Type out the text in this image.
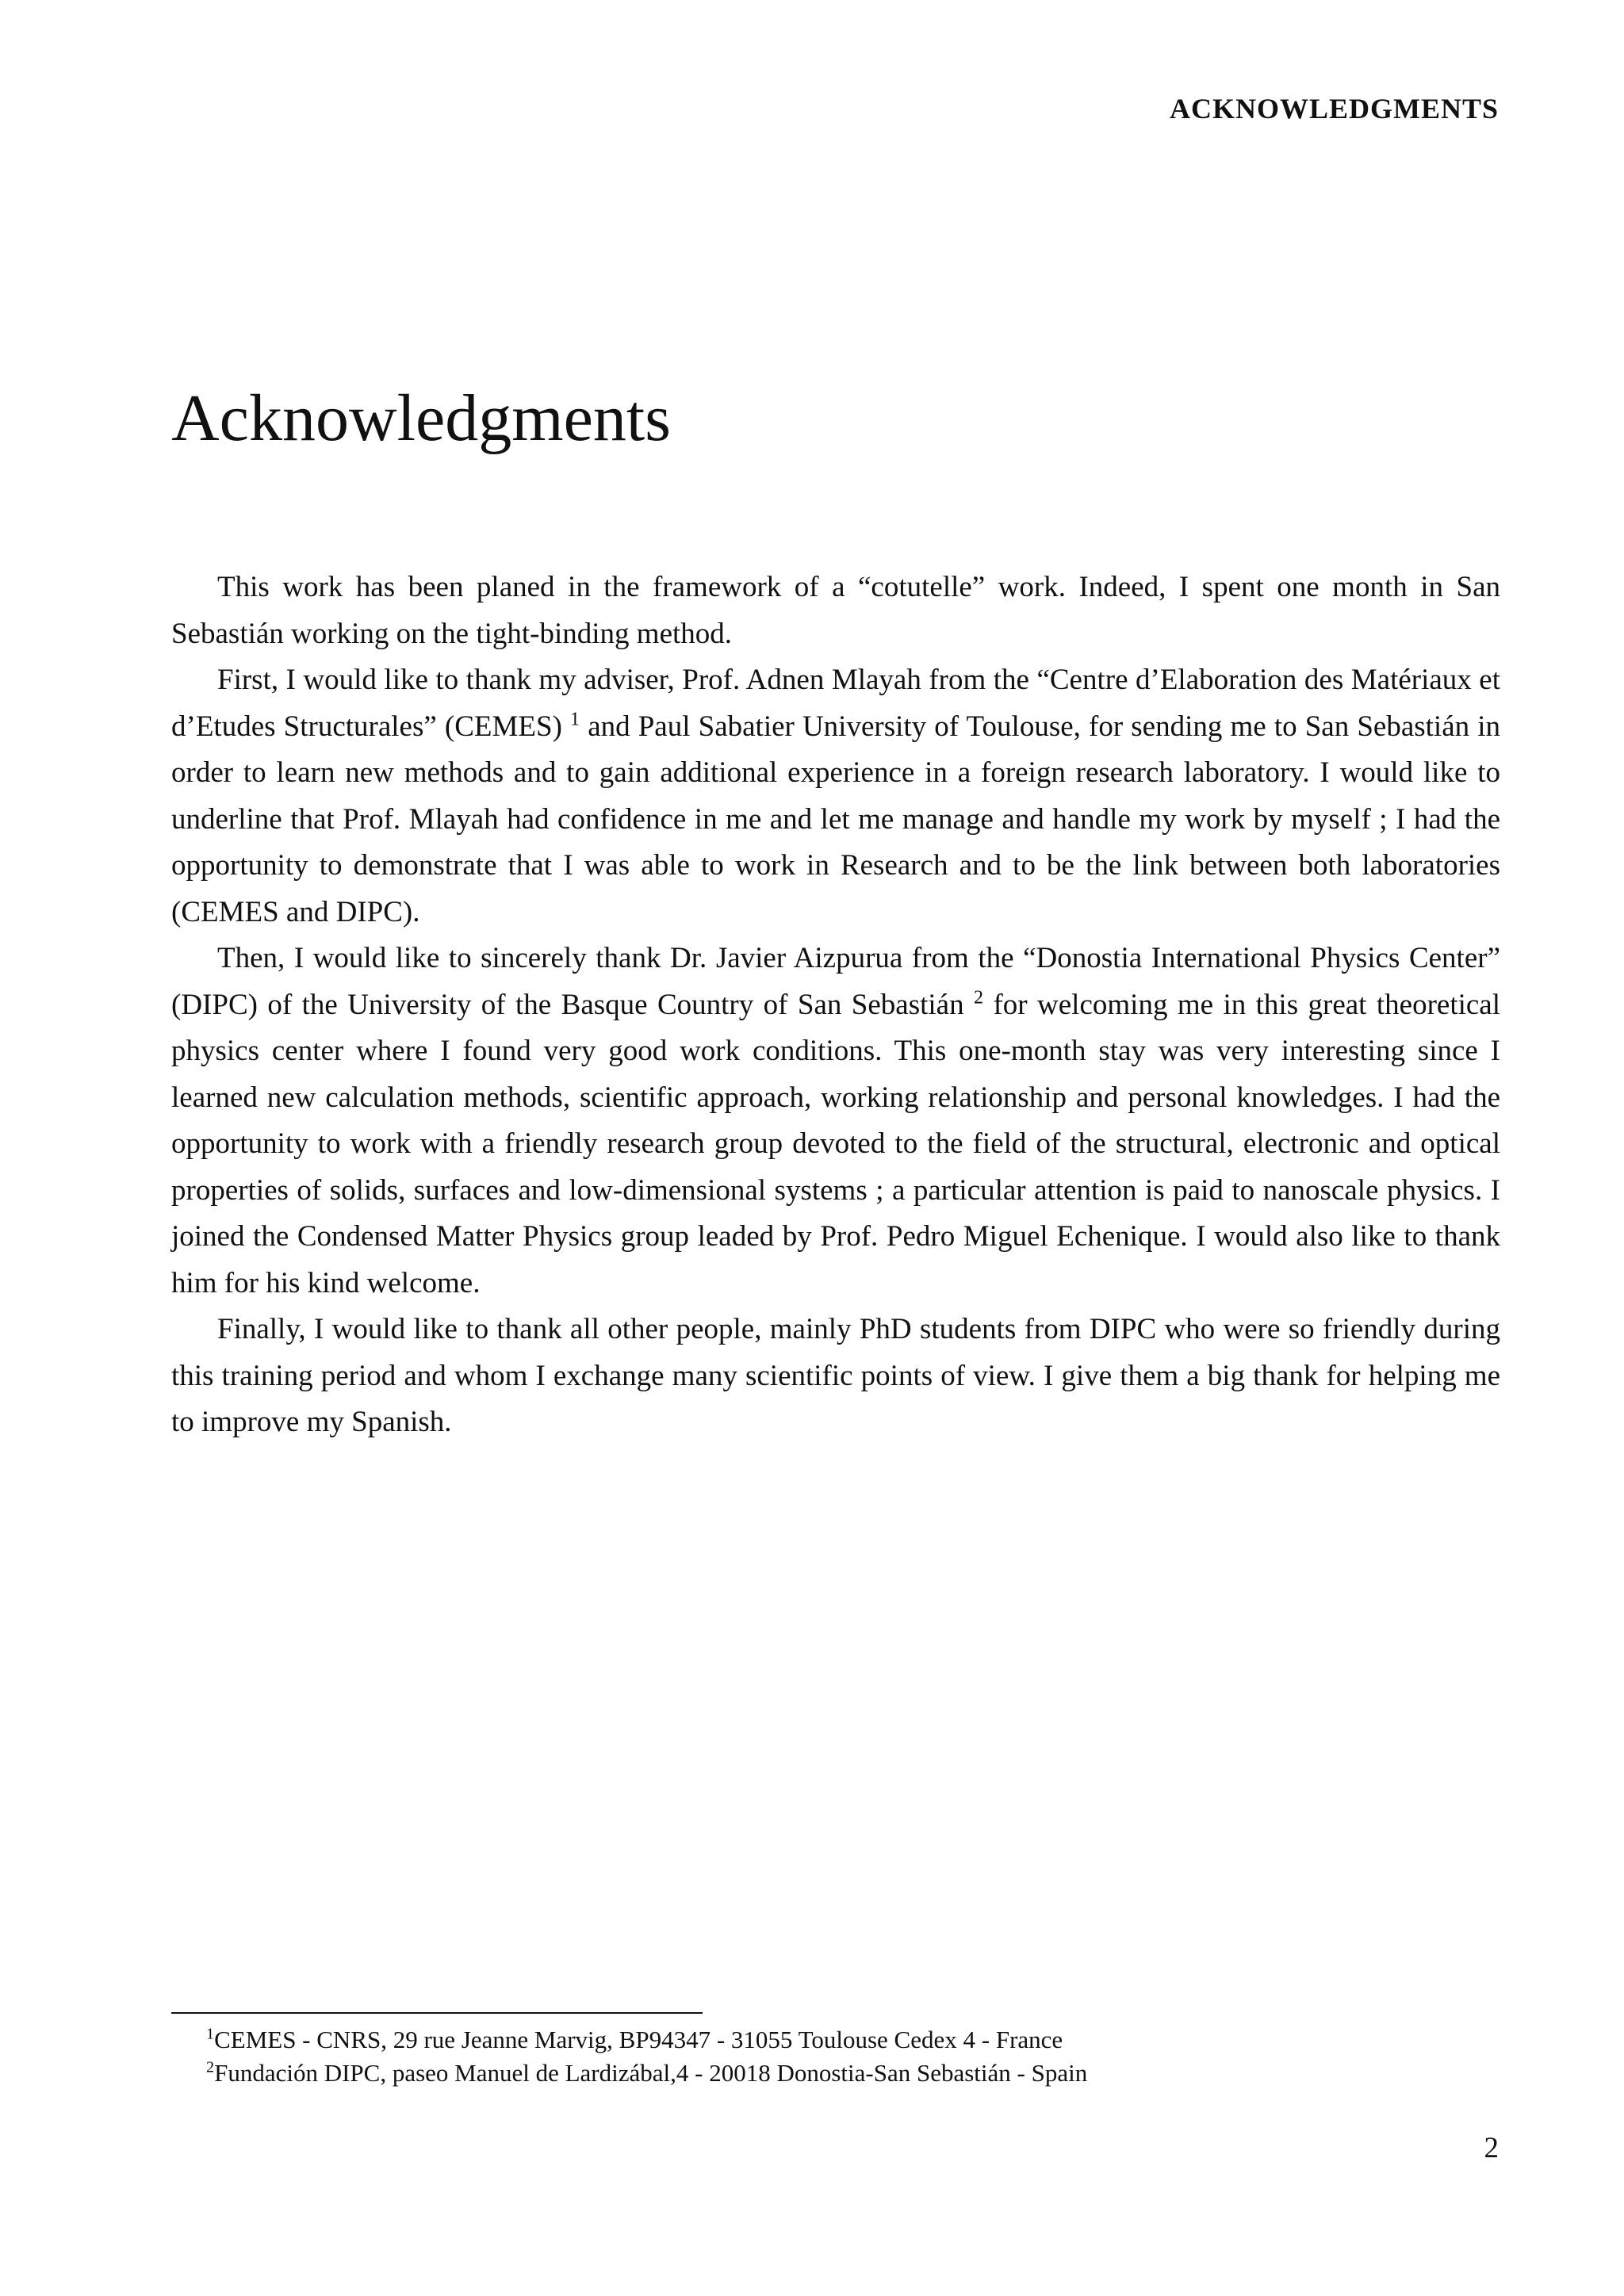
ACKNOWLEDGMENTS
Acknowledgments

This work has been planed in the framework of a “cotutelle” work. Indeed, I spent one month in San Sebastián working on the tight-binding method.

First, I would like to thank my adviser, Prof. Adnen Mlayah from the “Centre d’Elaboration des Matériaux et d’Etudes Structurales” (CEMES) $^1$ and Paul Sabatier University of Toulouse, for sending me to San Sebastián in order to learn new methods and to gain additional experience in a foreign research laboratory. I would like to underline that Prof. Mlayah had confidence in me and let me manage and handle my work by myself ; I had the opportunity to demonstrate that I was able to work in Research and to be the link between both laboratories (CEMES and DIPC).

Then, I would like to sincerely thank Dr. Javier Aizpurua from the “Donostia International Physics Center” (DIPC) of the University of the Basque Country of San Sebastián $^2$ for welcoming me in this great theoretical physics center where I found very good work conditions. This one-month stay was very interesting since I learned new calculation methods, scientific approach, working relationship and personal knowledges. I had the opportunity to work with a friendly research group devoted to the field of the structural, electronic and optical properties of solids, surfaces and low-dimensional systems ; a particular attention is paid to nanoscale physics. I joined the Condensed Matter Physics group leaded by Prof. Pedro Miguel Echenique. I would also like to thank him for his kind welcome.

Finally, I would like to thank all other people, mainly PhD students from DIPC who were so friendly during this training period and whom I exchange many scientific points of view. I give them a big thank for helping me to improve my Spanish.

$^1$CEMES - CNRS, 29 rue Jeanne Marvig, BP94347 - 31055 Toulouse Cedex 4 - France
$^2$Fundación DIPC, paseo Manuel de Lardizábal,4 - 20018 Donostia-San Sebastián - Spain
2
